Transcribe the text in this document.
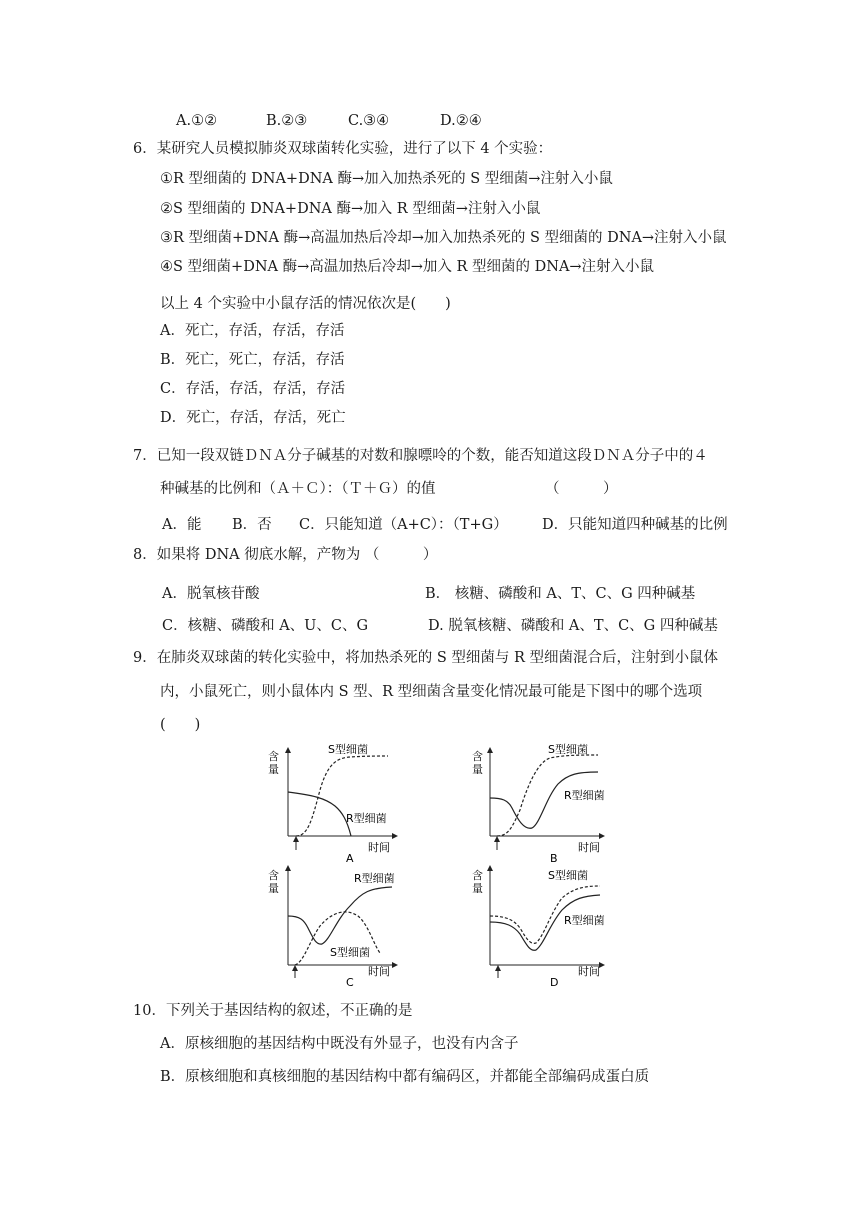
A.①②	B.②③	C.③④	D.②④
6．某研究人员模拟肺炎双球菌转化实验，进行了以下 4 个实验：
①R 型细菌的 DNA+DNA 酶→加入加热杀死的 S 型细菌→注射入小鼠
②S 型细菌的 DNA+DNA 酶→加入 R 型细菌→注射入小鼠
③R 型细菌+DNA 酶→高温加热后冷却→加入加热杀死的 S 型细菌的 DNA→注射入小鼠
④S 型细菌+DNA 酶→高温加热后冷却→加入 R 型细菌的 DNA→注射入小鼠
以上 4 个实验中小鼠存活的情况依次是(　　)
A．死亡，存活，存活，存活
B．死亡，死亡，存活，存活
C．存活，存活，存活，存活
D．死亡，存活，存活，死亡
7．已知一段双链ＤＮＡ分子碱基的对数和腺嘌呤的个数，能否知道这段ＤＮＡ分子中的４
种碱基的比例和（Ａ＋Ｃ）：（Ｔ＋Ｇ）的值	（　　　）
A．能 B．否 C．只能知道（A+C）：（T+G） D．只能知道四种碱基的比例
8．如果将 DNA 彻底水解，产物为 （　　　）
A．脱氧核苷酸	B． 核糖、磷酸和 A、T、C、G 四种碱基
C．核糖、磷酸和 A、U、C、G	D. 脱氧核糖、磷酸和 A、T、C、G 四种碱基
9．在肺炎双球菌的转化实验中，将加热杀死的 S 型细菌与 R 型细菌混合后，注射到小鼠体
内，小鼠死亡，则小鼠体内 S 型、R 型细菌含量变化情况最可能是下图中的哪个选项
(　　)
含
量
S型细菌
R型细菌
时间
A
含
量
S型细菌
R型细菌
时间
B
含
量
R型细菌
S型细菌
时间
C
含
量
S型细菌
R型细菌
时间
D
10．下列关于基因结构的叙述，不正确的是
A．原核细胞的基因结构中既没有外显子，也没有内含子
B．原核细胞和真核细胞的基因结构中都有编码区，并都能全部编码成蛋白质
